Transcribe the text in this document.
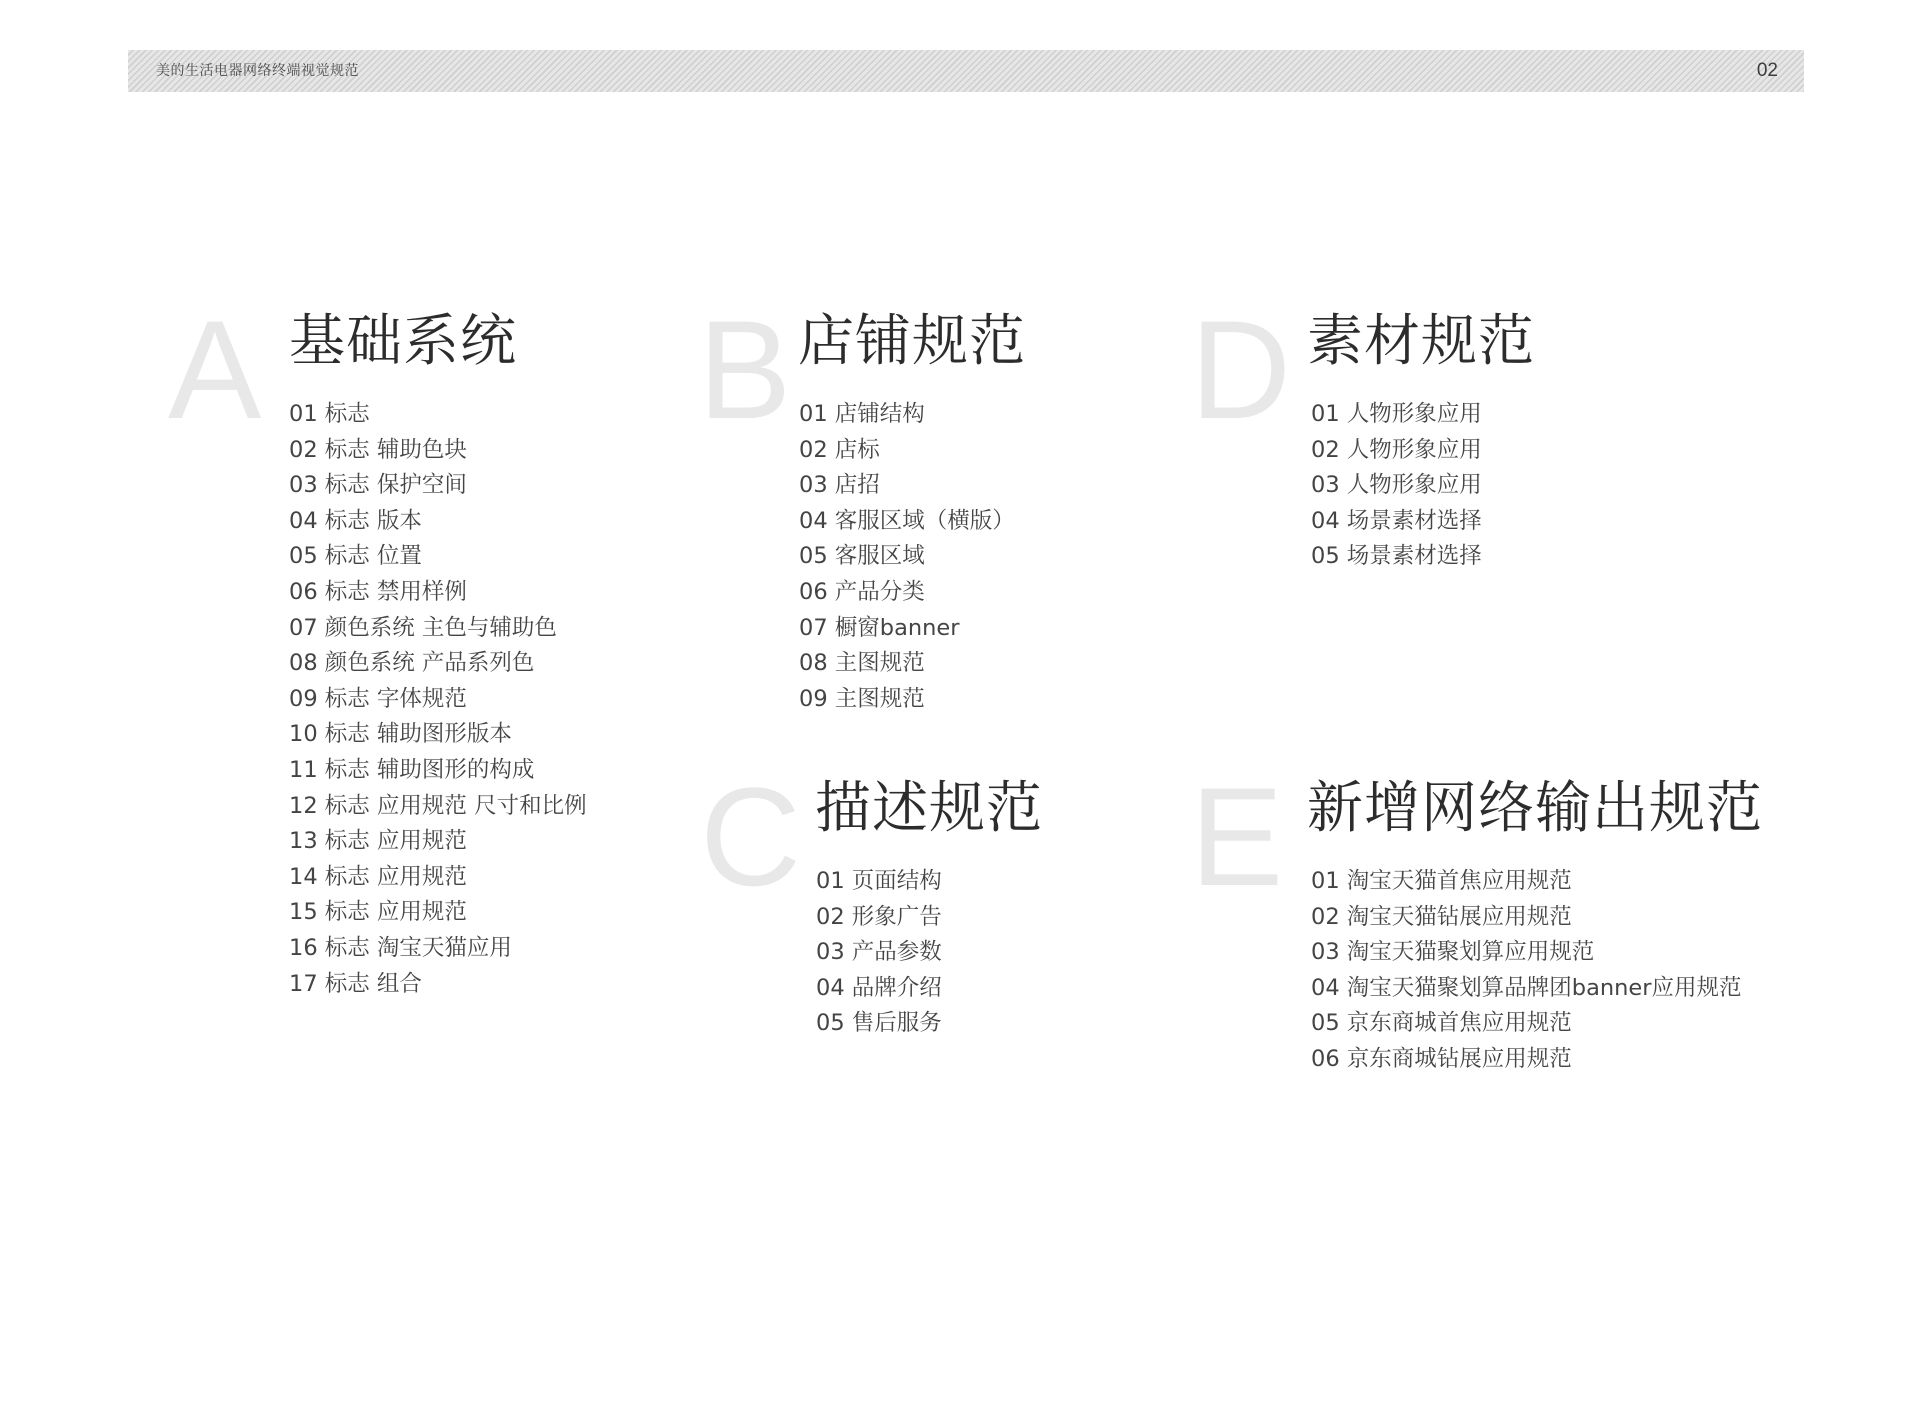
美的生活电器网络终端视觉规范	02
A 基础系统
01 标志
02 标志 辅助色块
03 标志 保护空间
04 标志 版本
05 标志 位置
06 标志 禁用样例
07 颜色系统 主色与辅助色
08 颜色系统 产品系列色
09 标志 字体规范
10 标志 辅助图形版本
11 标志 辅助图形的构成
12 标志 应用规范 尺寸和比例
13 标志 应用规范
14 标志 应用规范
15 标志 应用规范
16 标志 淘宝天猫应用
17 标志 组合
B 店铺规范
01 店铺结构
02 店标
03 店招
04 客服区域（横版）
05 客服区域
06 产品分类
07 橱窗banner
08 主图规范
09 主图规范
C 描述规范
01 页面结构
02 形象广告
03 产品参数
04 品牌介绍
05 售后服务
D 素材规范
01 人物形象应用
02 人物形象应用
03 人物形象应用
04 场景素材选择
05 场景素材选择
E 新增网络输出规范
01 淘宝天猫首焦应用规范
02 淘宝天猫钻展应用规范
03 淘宝天猫聚划算应用规范
04 淘宝天猫聚划算品牌团banner应用规范
05 京东商城首焦应用规范
06 京东商城钻展应用规范
